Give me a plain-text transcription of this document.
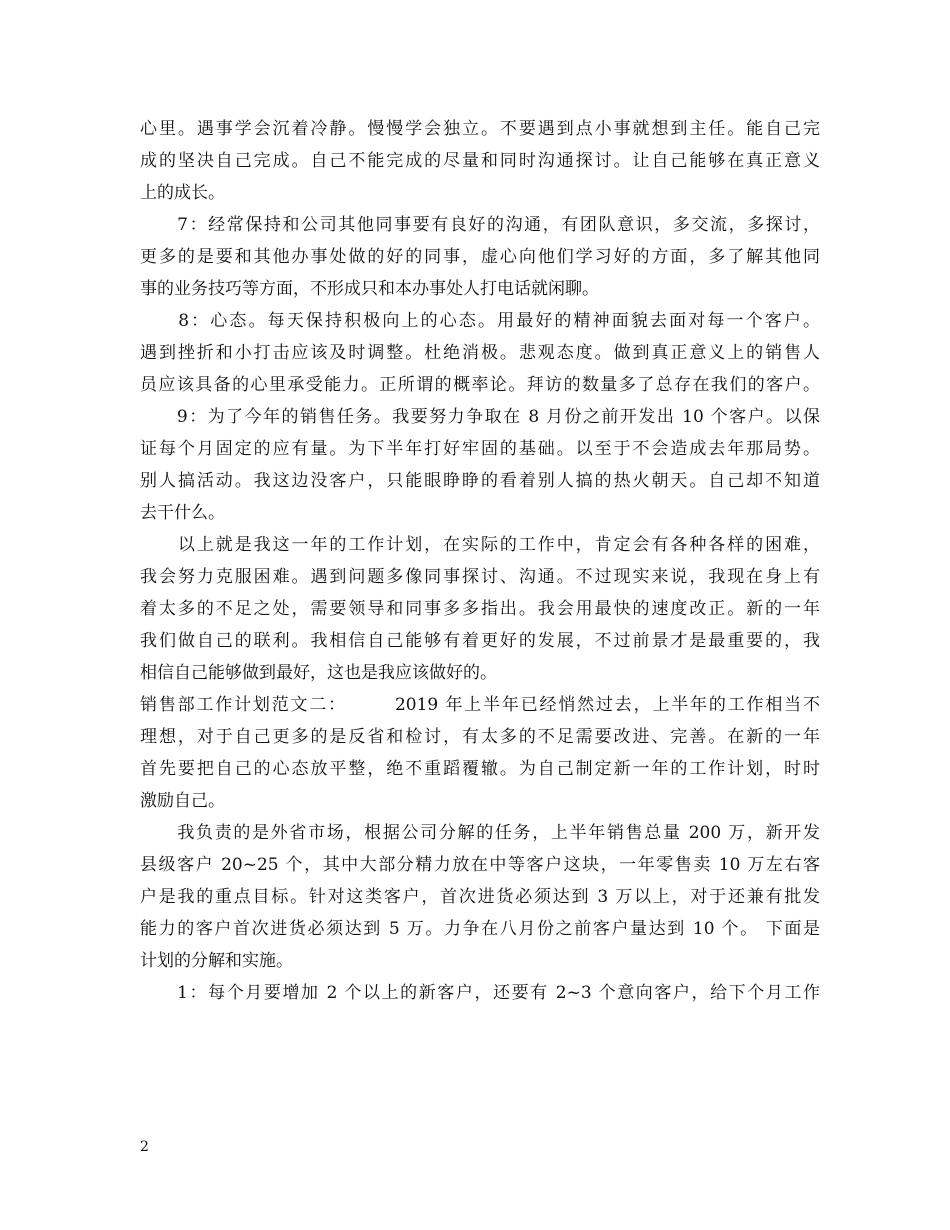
心里。遇事学会沉着冷静。慢慢学会独立。不要遇到点小事就想到主任。能自己完
成的坚决自己完成。自己不能完成的尽量和同时沟通探讨。让自己能够在真正意义
上的成长。
　　7：经常保持和公司其他同事要有良好的沟通，有团队意识，多交流，多探讨，
更多的是要和其他办事处做的好的同事，虚心向他们学习好的方面，多了解其他同
事的业务技巧等方面，不形成只和本办事处人打电话就闲聊。
　　8：心态。每天保持积极向上的心态。用最好的精神面貌去面对每一个客户。
遇到挫折和小打击应该及时调整。杜绝消极。悲观态度。做到真正意义上的销售人
员应该具备的心里承受能力。正所谓的概率论。拜访的数量多了总存在我们的客户。
　　9：为了今年的销售任务。我要努力争取在 8 月份之前开发出 10 个客户。以保
证每个月固定的应有量。为下半年打好牢固的基础。以至于不会造成去年那局势。
别人搞活动。我这边没客户，只能眼睁睁的看着别人搞的热火朝天。自己却不知道
去干什么。
　　以上就是我这一年的工作计划，在实际的工作中，肯定会有各种各样的困难，
我会努力克服困难。遇到问题多像同事探讨、沟通。不过现实来说，我现在身上有
着太多的不足之处，需要领导和同事多多指出。我会用最快的速度改正。新的一年
我们做自己的联利。我相信自己能够有着更好的发展，不过前景才是最重要的，我
相信自己能够做到最好，这也是我应该做好的。
销售部工作计划范文二：　　　2019 年上半年已经悄然过去，上半年的工作相当不
理想，对于自己更多的是反省和检讨，有太多的不足需要改进、完善。在新的一年
首先要把自己的心态放平整，绝不重蹈覆辙。为自己制定新一年的工作计划，时时
激励自己。
　　我负责的是外省市场，根据公司分解的任务，上半年销售总量 200 万，新开发
县级客户 20~25 个，其中大部分精力放在中等客户这块，一年零售卖 10 万左右客
户是我的重点目标。针对这类客户，首次进货必须达到 3 万以上，对于还兼有批发
能力的客户首次进货必须达到 5 万。力争在八月份之前客户量达到 10 个。 下面是
计划的分解和实施。
　　1：每个月要增加 2 个以上的新客户，还要有 2~3 个意向客户，给下个月工作
2
